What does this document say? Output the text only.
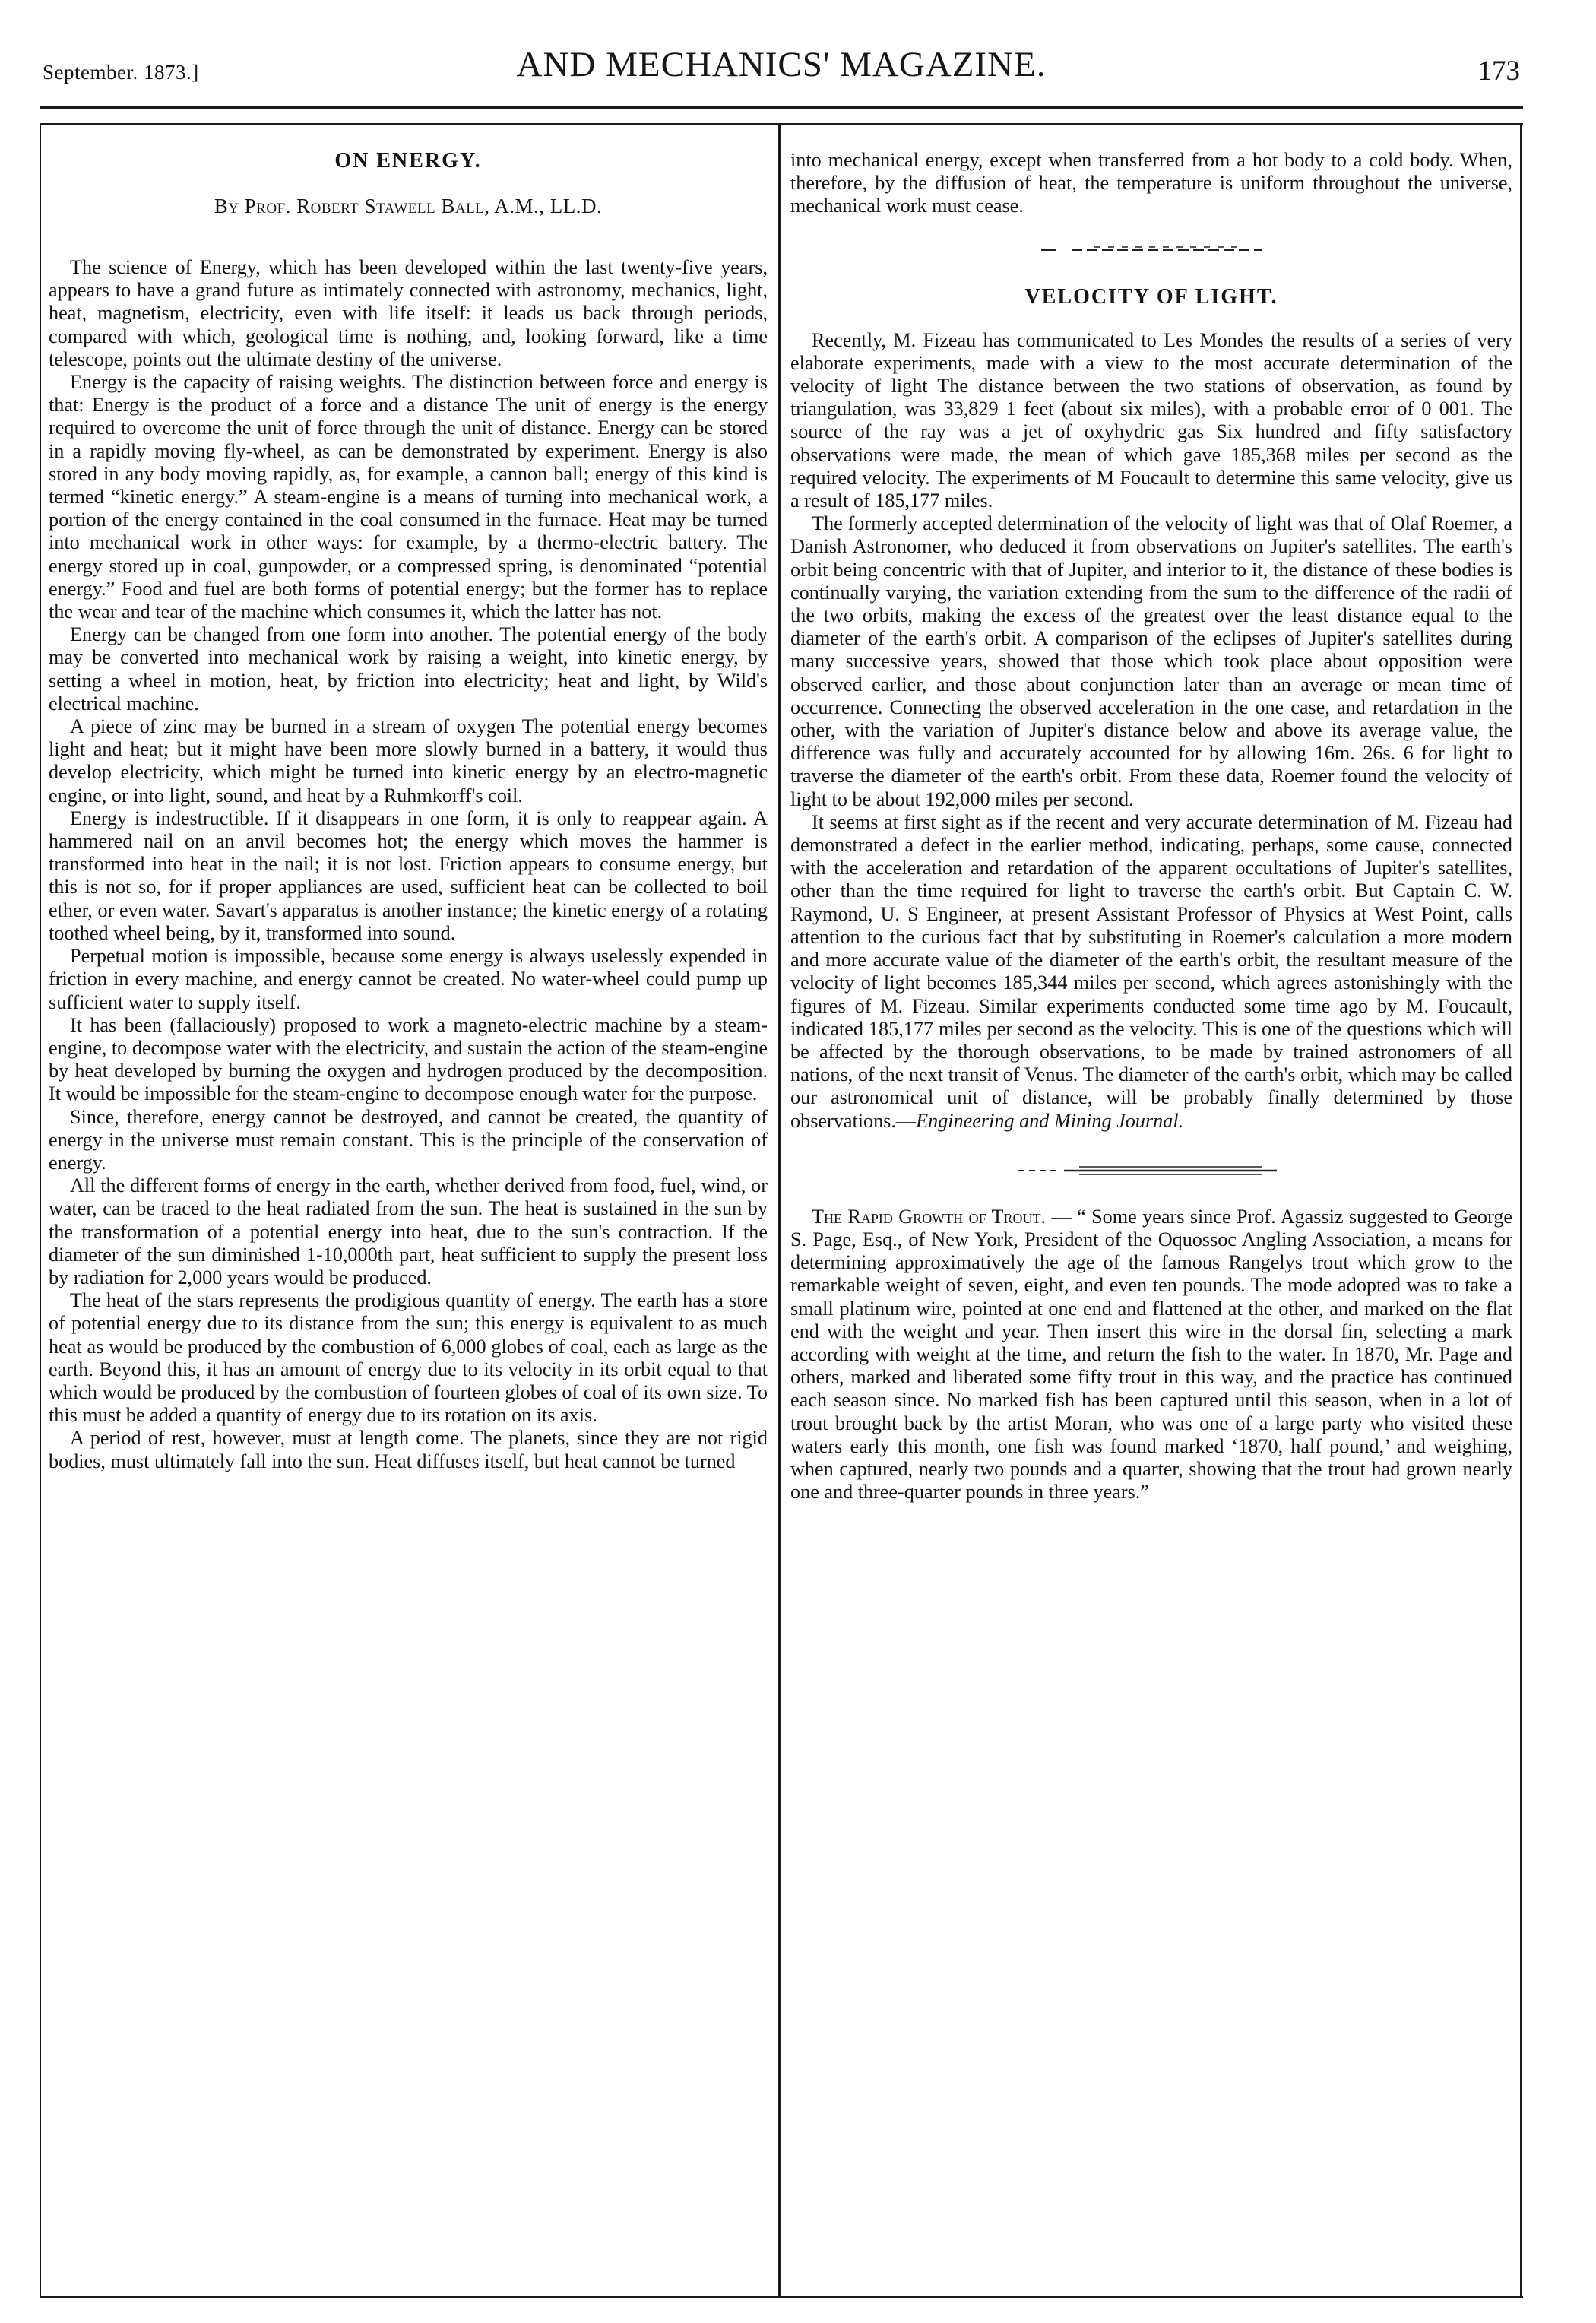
September. 1873.]	AND MECHANICS' MAGAZINE.	173
ON ENERGY.
By Prof. Robert Stawell Ball, A.M., LL.D.

The science of Energy, which has been developed within the last twenty-five years, appears to have a grand future as intimately connected with astronomy, mechanics, light, heat, magnetism, electricity, even with life itself: it leads us back through periods, compared with which, geological time is nothing, and, looking forward, like a time telescope, points out the ultimate destiny of the universe.

Energy is the capacity of raising weights. The distinction between force and energy is that: Energy is the product of a force and a distance The unit of energy is the energy required to overcome the unit of force through the unit of distance. Energy can be stored in a rapidly moving fly-wheel, as can be demonstrated by experiment. Energy is also stored in any body moving rapidly, as, for example, a cannon ball; energy of this kind is termed “kinetic energy.” A steam-engine is a means of turning into mechanical work, a portion of the energy contained in the coal consumed in the furnace. Heat may be turned into mechanical work in other ways: for example, by a thermo-electric battery. The energy stored up in coal, gunpowder, or a compressed spring, is denominated “potential energy.” Food and fuel are both forms of potential energy; but the former has to replace the wear and tear of the machine which consumes it, which the latter has not.

Energy can be changed from one form into another. The potential energy of the body may be converted into mechanical work by raising a weight, into kinetic energy, by setting a wheel in motion, heat, by friction into electricity; heat and light, by Wild's electrical machine.

A piece of zinc may be burned in a stream of oxygen The potential energy becomes light and heat; but it might have been more slowly burned in a battery, it would thus develop electricity, which might be turned into kinetic energy by an electro-magnetic engine, or into light, sound, and heat by a Ruhmkorff's coil.

Energy is indestructible. If it disappears in one form, it is only to reappear again. A hammered nail on an anvil becomes hot; the energy which moves the hammer is transformed into heat in the nail; it is not lost. Friction appears to consume energy, but this is not so, for if proper appliances are used, sufficient heat can be collected to boil ether, or even water. Savart's apparatus is another instance; the kinetic energy of a rotating toothed wheel being, by it, transformed into sound.

Perpetual motion is impossible, because some energy is always uselessly expended in friction in every machine, and energy cannot be created. No water-wheel could pump up sufficient water to supply itself.

It has been (fallaciously) proposed to work a magneto-electric machine by a steam-engine, to decompose water with the electricity, and sustain the action of the steam-engine by heat developed by burning the oxygen and hydrogen produced by the decomposition. It would be impossible for the steam-engine to decompose enough water for the purpose.

Since, therefore, energy cannot be destroyed, and cannot be created, the quantity of energy in the universe must remain constant. This is the principle of the conservation of energy.

All the different forms of energy in the earth, whether derived from food, fuel, wind, or water, can be traced to the heat radiated from the sun. The heat is sustained in the sun by the transformation of a potential energy into heat, due to the sun's contraction. If the diameter of the sun diminished 1-10,000th part, heat sufficient to supply the present loss by radiation for 2,000 years would be produced.

The heat of the stars represents the prodigious quantity of energy. The earth has a store of potential energy due to its distance from the sun; this energy is equivalent to as much heat as would be produced by the combustion of 6,000 globes of coal, each as large as the earth. Beyond this, it has an amount of energy due to its velocity in its orbit equal to that which would be produced by the combustion of fourteen globes of coal of its own size. To this must be added a quantity of energy due to its rotation on its axis.

A period of rest, however, must at length come. The planets, since they are not rigid bodies, must ultimately fall into the sun. Heat diffuses itself, but heat cannot be turned

into mechanical energy, except when transferred from a hot body to a cold body. When, therefore, by the diffusion of heat, the temperature is uniform throughout the universe, mechanical work must cease.

VELOCITY OF LIGHT.

Recently, M. Fizeau has communicated to Les Mondes the results of a series of very elaborate experiments, made with a view to the most accurate determination of the velocity of light The distance between the two stations of observation, as found by triangulation, was 33,829 1 feet (about six miles), with a probable error of 0 001. The source of the ray was a jet of oxyhydric gas Six hundred and fifty satisfactory observations were made, the mean of which gave 185,368 miles per second as the required velocity. The experiments of M Foucault to determine this same velocity, give us a result of 185,177 miles.

The formerly accepted determination of the velocity of light was that of Olaf Roemer, a Danish Astronomer, who deduced it from observations on Jupiter's satellites. The earth's orbit being concentric with that of Jupiter, and interior to it, the distance of these bodies is continually varying, the variation extending from the sum to the difference of the radii of the two orbits, making the excess of the greatest over the least distance equal to the diameter of the earth's orbit. A comparison of the eclipses of Jupiter's satellites during many successive years, showed that those which took place about opposition were observed earlier, and those about conjunction later than an average or mean time of occurrence. Connecting the observed acceleration in the one case, and retardation in the other, with the variation of Jupiter's distance below and above its average value, the difference was fully and accurately accounted for by allowing 16m. 26s. 6 for light to traverse the diameter of the earth's orbit. From these data, Roemer found the velocity of light to be about 192,000 miles per second.

It seems at first sight as if the recent and very accurate determination of M. Fizeau had demonstrated a defect in the earlier method, indicating, perhaps, some cause, connected with the acceleration and retardation of the apparent occultations of Jupiter's satellites, other than the time required for light to traverse the earth's orbit. But Captain C. W. Raymond, U. S Engineer, at present Assistant Professor of Physics at West Point, calls attention to the curious fact that by substituting in Roemer's calculation a more modern and more accurate value of the diameter of the earth's orbit, the resultant measure of the velocity of light becomes 185,344 miles per second, which agrees astonishingly with the figures of M. Fizeau. Similar experiments conducted some time ago by M. Foucault, indicated 185,177 miles per second as the velocity. This is one of the questions which will be affected by the thorough observations, to be made by trained astronomers of all nations, of the next transit of Venus. The diameter of the earth's orbit, which may be called our astronomical unit of distance, will be probably finally determined by those observations.—Engineering and Mining Journal.

The Rapid Growth of Trout. — “ Some years since Prof. Agassiz suggested to George S. Page, Esq., of New York, President of the Oquossoc Angling Association, a means for determining approximatively the age of the famous Rangelys trout which grow to the remarkable weight of seven, eight, and even ten pounds. The mode adopted was to take a small platinum wire, pointed at one end and flattened at the other, and marked on the flat end with the weight and year. Then insert this wire in the dorsal fin, selecting a mark according with weight at the time, and return the fish to the water. In 1870, Mr. Page and others, marked and liberated some fifty trout in this way, and the practice has continued each season since. No marked fish has been captured until this season, when in a lot of trout brought back by the artist Moran, who was one of a large party who visited these waters early this month, one fish was found marked ‘1870, half pound,’ and weighing, when captured, nearly two pounds and a quarter, showing that the trout had grown nearly one and three-quarter pounds in three years.”
